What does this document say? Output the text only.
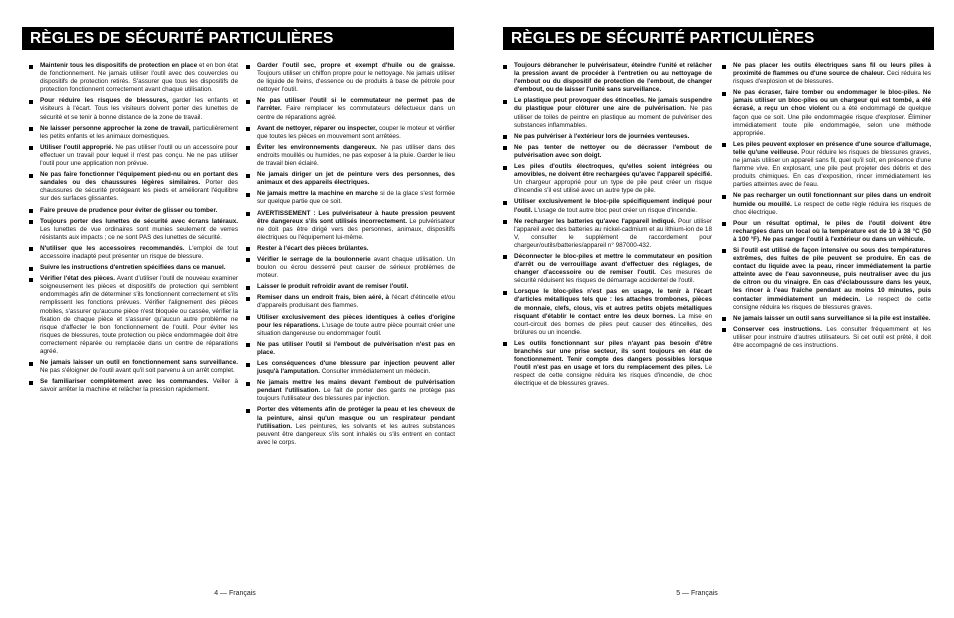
RÈGLES DE SÉCURITÉ PARTICULIÈRES
Maintenir tous les dispositifs de protection en place et en bon état de fonctionnement. Ne jamais utiliser l'outil avec des couvercles ou dispositifs de protection retirés. S'assurer que tous les dispositifs de protection fonctionnent correctement avant chaque utilisation.
Pour réduire les risques de blessures, garder les enfants et visiteurs à l'écart. Tous les visiteurs doivent porter des lunettes de sécurité et se tenir à bonne distance de la zone de travail.
Ne laisser personne approcher la zone de travail, particulièrement les petits enfants et les animaux domestiques.
Utiliser l'outil approprié. Ne pas utiliser l'outil ou un accessoire pour effectuer un travail pour lequel il n'est pas conçu. Ne ne pas utiliser l'outil pour une application non prévue.
Ne pas faire fonctionner l'équipement pied-nu ou en portant des sandales ou des chaussures légères similaires. Porter des chaussures de sécurité protégeant les pieds et améliorant l'équilibre sur des surfaces glissantes.
Faire preuve de prudence pour éviter de glisser ou tomber.
Toujours porter des lunettes de sécurité avec écrans latéraux. Les lunettes de vue ordinaires sont munies seulement de verres résistants aux impacts ; ce ne sont PAS des lunettes de sécurité.
N'utiliser que les accessoires recommandés. L'emploi de tout accessoire inadapté peut présenter un risque de blessure.
Suivre les instructions d'entretien spécifiées dans ce manuel.
Vérifier l'état des pièces. Avant d'utiliser l'outil de nouveau examiner soigneusement les pièces et dispositifs de protection qui semblent endommagés afin de déterminer s'ils fonctionnent correctement et s'ils remplissent les fonctions prévues. Vérifier l'alignement des pièces mobiles, s'assurer qu'aucune pièce n'est bloquée ou cassée, vérifier la fixation de chaque pièce et s'assurer qu'aucun autre problème ne risque d'affecter le bon fonctionnement de l'outil. Pour éviter les risques de blessures, toute protection ou pièce endommagée doit être correctement réparée ou remplacée dans un centre de réparations agréé.
Ne jamais laisser un outil en fonctionnement sans surveillance. Ne pas s'éloigner de l'outil avant qu'il soit parvenu à un arrêt complet.
Se familiariser complètement avec les commandes. Veiller à savoir arrêter la machine et relâcher la pression rapidement.
Garder l'outil sec, propre et exempt d'huile ou de graisse. Toujours utiliser un chiffon propre pour le nettoyage. Ne jamais utiliser de liquide de freins, d'essence ou de produits à base de pétrole pour nettoyer l'outil.
Ne pas utiliser l'outil si le commutateur ne permet pas de l'arrêter. Faire remplacer les commutateurs défectueux dans un centre de réparations agréé.
Avant de nettoyer, réparer ou inspecter, couper le moteur et vérifier que toutes les pièces en mouvement sont arrêtées.
Éviter les environnements dangereux. Ne pas utiliser dans des endroits mouillés ou humides, ne pas exposer à la pluie. Garder le lieu de travail bien éclairé.
Ne jamais diriger un jet de peinture vers des personnes, des animaux et des appareils électriques.
Ne jamais mettre la machine en marche si de la glace s'est formée sur quelque partie que ce soit.
AVERTISSEMENT : Les pulvérisateur à haute pression peuvent être dangereux s'ils sont utilisés incorrectement. Le pulvérisateur ne doit pas être dirigé vers des personnes, animaux, dispositifs électriques ou l'équipement lui-même.
Rester à l'écart des pièces brûlantes.
Vérifier le serrage de la boulonnerie avant chaque utilisation. Un boulon ou écrou desserré peut causer de sérieux problèmes de moteur.
Laisser le produit refroidir avant de remiser l'outil.
Remiser dans un endroit frais, bien aéré, à l'écart d'étincelle et/ou d'appareils produisant des flammes.
Utiliser exclusivement des pièces identiques à celles d'origine pour les réparations. L'usage de toute autre pièce pourrait créer une situation dangereuse ou endommager l'outil.
Ne pas utiliser l'outil si l'embout de pulvérisation n'est pas en place.
Les conséquences d'une blessure par injection peuvent aller jusqu'à l'amputation. Consulter immédiatement un médecin.
Ne jamais mettre les mains devant l'embout de pulvérisation pendant l'utilisation. Le fait de porter des gants ne protège pas toujours l'utilisateur des blessures par injection.
Porter des vêtements afin de protéger la peau et les cheveux de la peinture, ainsi qu'un masque ou un respirateur pendant l'utilisation. Les peintures, les solvants et les autres substances peuvent être dangereux s'ils sont inhalés ou s'ils entrent en contact avec le corps.
4 — Français
RÈGLES DE SÉCURITÉ PARTICULIÈRES
Toujours débrancher le pulvérisateur, éteindre l'unité et relâcher la pression avant de procéder à l'entretien ou au nettoyage de l'embout ou du dispositif de protection de l'embout, de changer d'embout, ou de laisser l'unité sans surveillance.
Le plastique peut provoquer des étincelles. Ne jamais suspendre du plastique pour clôturer une aire de pulvérisation. Ne pas utiliser de toiles de peintre en plastique au moment de pulvériser des substances inflammables.
Ne pas pulvériser à l'extérieur lors de journées venteuses.
Ne pas tenter de nettoyer ou de décrasser l'embout de pulvérisation avec son doigt.
Les piles d'outils électroques, qu'elles soient intégrées ou amovibles, ne doivent être rechargées qu'avec l'appareil spécifié. Un chargeur approprié pour un type de pile peut créer un risque d'incendie s'il est utilisé avec un autre type de pile.
Utiliser exclusivement le bloc-pile spécifiquement indiqué pour l'outil. L'usage de tout autre bloc peut créer un risque d'incendie.
Ne recharger les batteries qu'avec l'appareil indiqué. Pour utiliser l'appareil avec des batteries au nickel-cadmium et au lithium-ion de 18 V, consulter le supplément de raccordement pour chargeur/outils/batteries/appareil n° 987000-432.
Déconnecter le bloc-piles et mettre le commutateur en position d'arrêt ou de verrouillage avant d'effectuer des réglages, de changer d'accessoire ou de remiser l'outil. Ces mesures de sécurité réduisent les risques de démarrage accidentel de l'outil.
Lorsque le bloc-piles n'est pas en usage, le tenir à l'écart d'articles métalliques tels que : les attaches trombones, pièces de monnaie, clefs, clous, vis et autres petits objets métalliques risquant d'établir le contact entre les deux bornes. La mise en court-circuit des bornes de piles peut causer des étincelles, des brûlures ou un incendie.
Les outils fonctionnant sur piles n'ayant pas besoin d'être branchés sur une prise secteur, ils sont toujours en état de fonctionnement. Tenir compte des dangers possibles lorsque l'outil n'est pas en usage et lors du remplacement des piles. Le respect de cette consigne réduira les risques d'incendie, de choc électrique et de blessures graves.
Ne pas placer les outils électriques sans fil ou leurs piles à proximité de flammes ou d'une source de chaleur. Ceci réduira les risques d'explosion et de blessures.
Ne pas écraser, faire tomber ou endommager le bloc-piles. Ne jamais utiliser un bloc-piles ou un chargeur qui est tombé, a été écrasé, a reçu un choc violent ou a été endommagé de quelque façon que ce soit. Une pile endommagée risque d'exploser. Éliminer immédiatement toute pile endommagée, selon une méthode appropriée.
Les piles peuvent exploser en présence d'une source d'allumage, telle qu'une veilleuse. Pour réduire les risques de blessures graves, ne jamais utiliser un appareil sans fil, quel qu'il soit, en présence d'une flamme vive. En explosant, une pile peut projeter des débris et des produits chimiques. En cas d'exposition, rincer immédiatement les parties atteintes avec de l'eau.
Ne pas recharger un outil fonctionnant sur piles dans un endroit humide ou mouillé. Le respect de cette règle réduira les risques de choc électrique.
Pour un résultat optimal, le piles de l'outil doivent être rechargées dans un local où la température est de 10 à 38 °C (50 à 100 °F). Ne pas ranger l'outil à l'extérieur ou dans un véhicule.
Si l'outil est utilisé de façon intensive ou sous des températures extrêmes, des fuites de pile peuvent se produire. En cas de contact du liquide avec la peau, rincer immédiatement la partie atteinte avec de l'eau savonneuse, puis neutraliser avec du jus de citron ou du vinaigre. En cas d'éclaboussure dans les yeux, les rincer à l'eau fraîche pendant au moins 10 minutes, puis contacter immédiatement un médecin. Le respect de cette consigne réduira les risques de blessures graves.
Ne jamais laisser un outil sans surveillance si la pile est installée.
Conserver ces instructions. Les consulter fréquemment et les utiliser pour instruire d'autres utilisateurs. Si cet outil est prêté, il doit être accompagné de ces instructions.
5 — Français
